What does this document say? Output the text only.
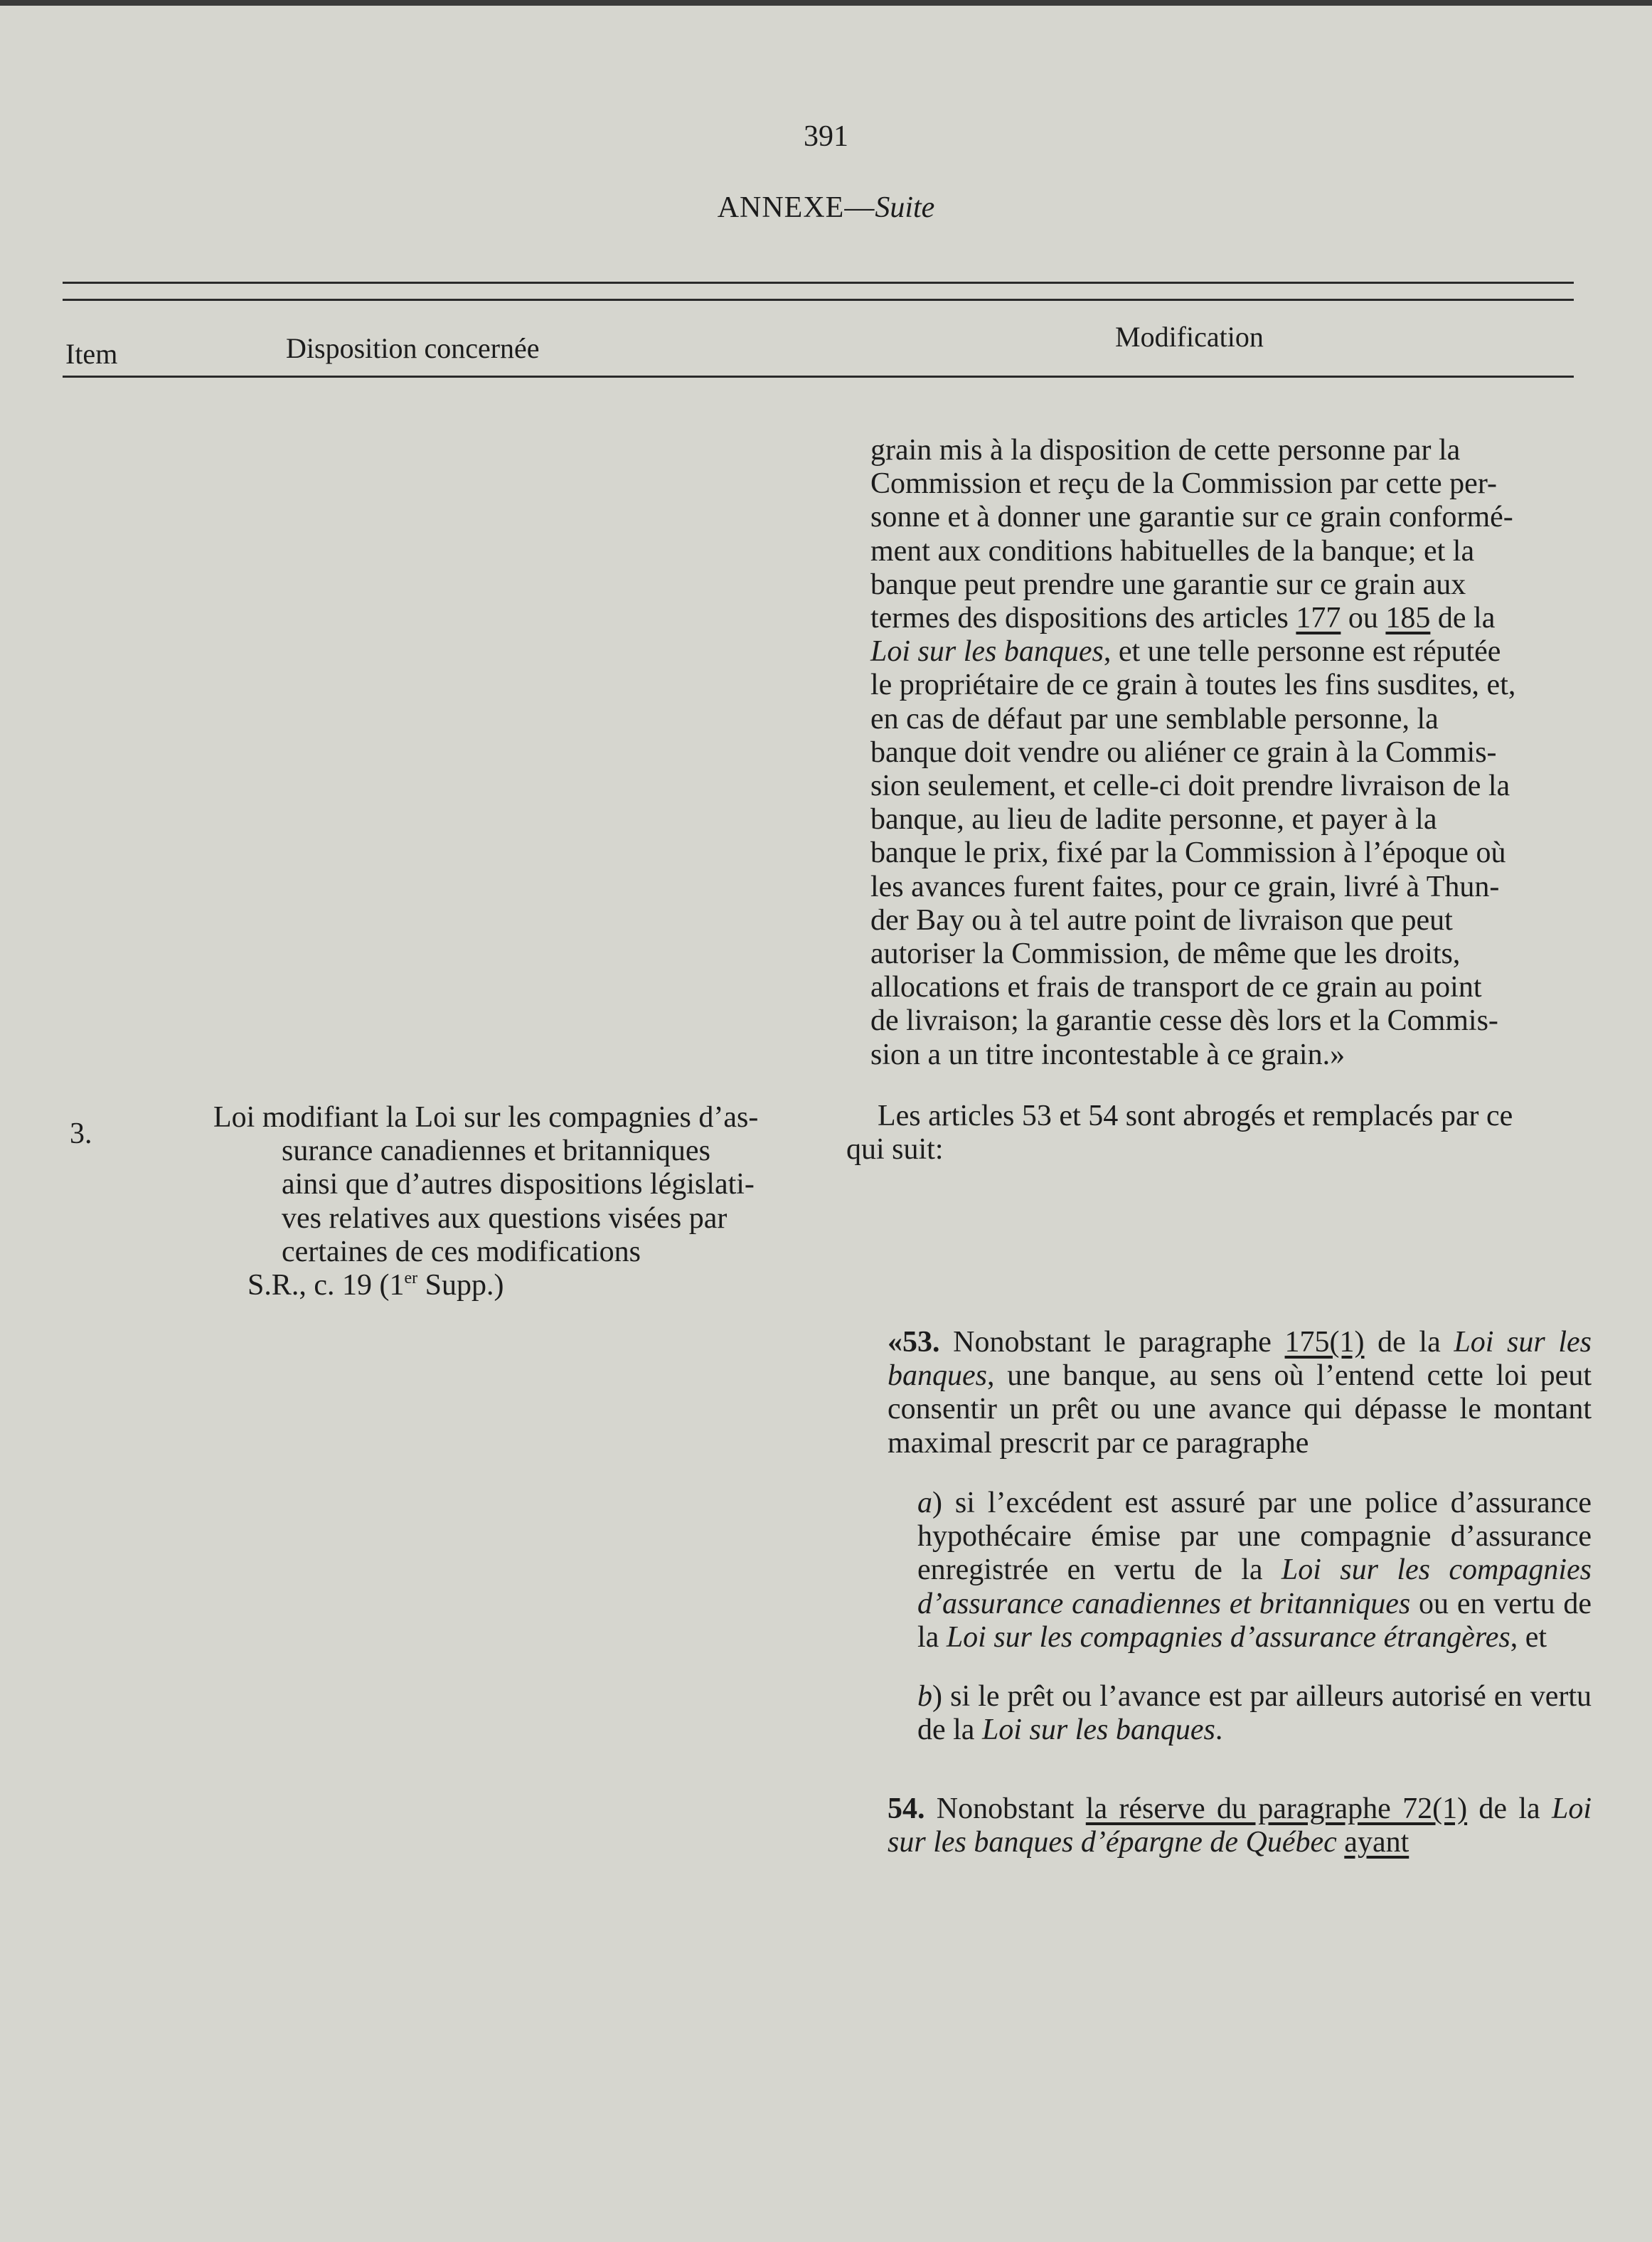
391
ANNEXE—Suite
Item	Disposition concernée	Modification

grain mis à la disposition de cette personne par la

Commission et reçu de la Commission par cette per-

sonne et à donner une garantie sur ce grain conformé-

ment aux conditions habituelles de la banque; et la

banque peut prendre une garantie sur ce grain aux

termes des dispositions des articles 177 ou 185 de la

Loi sur les banques, et une telle personne est réputée

le propriétaire de ce grain à toutes les fins susdites, et,

en cas de défaut par une semblable personne, la

banque doit vendre ou aliéner ce grain à la Commis-

sion seulement, et celle-ci doit prendre livraison de la

banque, au lieu de ladite personne, et payer à la

banque le prix, fixé par la Commission à l’époque où

les avances furent faites, pour ce grain, livré à Thun-

der Bay ou à tel autre point de livraison que peut

autoriser la Commission, de même que les droits,

allocations et frais de transport de ce grain au point

de livraison; la garantie cesse dès lors et la Commis-

sion a un titre incontestable à ce grain.»

3.	Loi modifiant la Loi sur les compagnies d’as-
surance canadiennes et britanniques
ainsi que d’autres dispositions législati-
ves relatives aux questions visées par
certaines de ces modifications
S.R., c. 19 (1er Supp.)

Les articles 53 et 54 sont abrogés et remplacés par ce

qui suit:

«53. Nonobstant le paragraphe 175(1) de la Loi sur les banques, une banque, au sens où l’entend cette loi peut consentir un prêt ou une avance qui dépasse le montant maximal prescrit par ce paragraphe

a) si l’excédent est assuré par une police d’assurance hypothécaire émise par une compagnie d’assurance enregistrée en vertu de la Loi sur les compagnies d’assurance canadiennes et britanniques ou en vertu de la Loi sur les compagnies d’assurance étrangères, et

b) si le prêt ou l’avance est par ailleurs autorisé en vertu de la Loi sur les banques.

54. Nonobstant la réserve du paragraphe 72(1) de la Loi sur les banques d’épargne de Québec ayant
